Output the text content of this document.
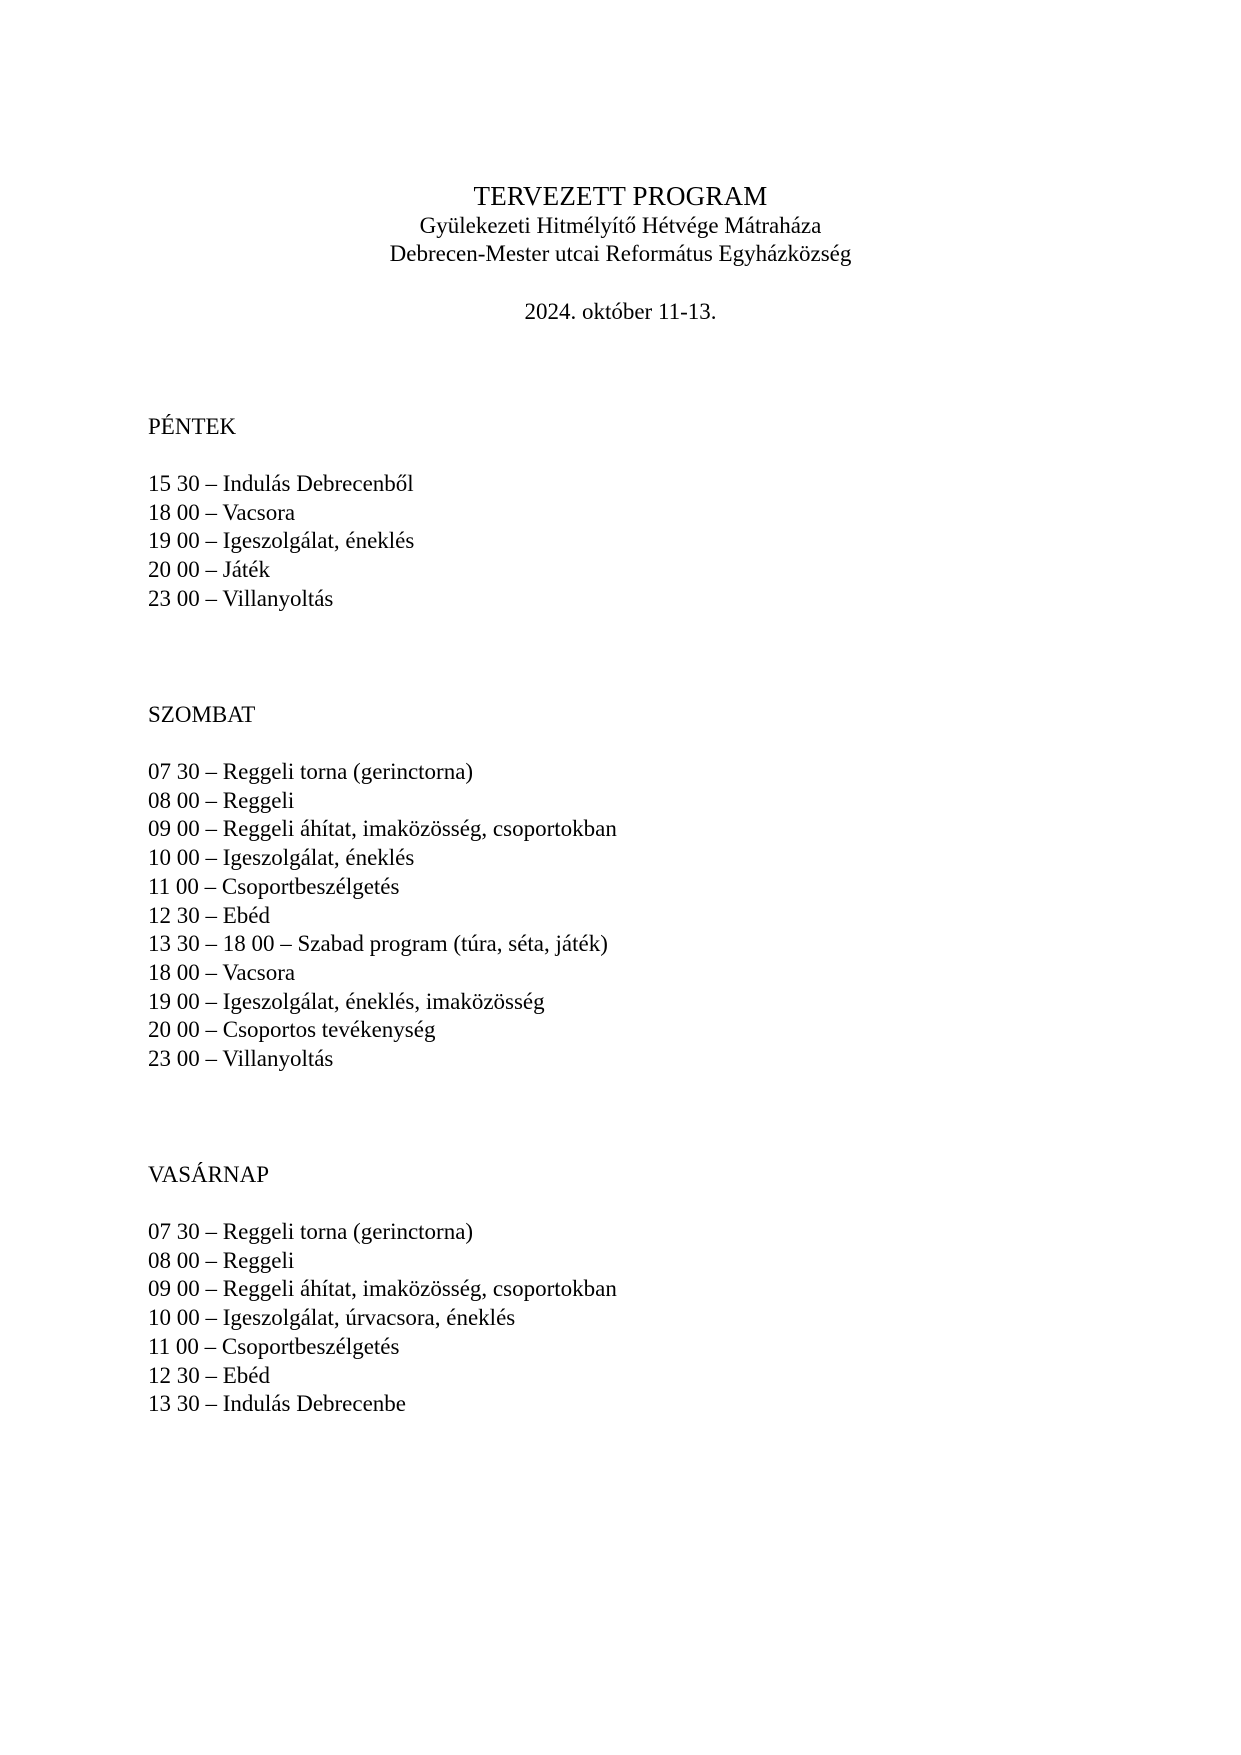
TERVEZETT PROGRAM
Gyülekezeti Hitmélyítő Hétvége Mátraháza
Debrecen-Mester utcai Református Egyházközség
2024. október 11-13.
PÉNTEK
15 30 – Indulás Debrecenből
18 00 – Vacsora
19 00 – Igeszolgálat, éneklés
20 00 – Játék
23 00 – Villanyoltás
SZOMBAT
07 30 – Reggeli torna (gerinctorna)
08 00 – Reggeli
09 00 – Reggeli áhítat, imaközösség, csoportokban
10 00 – Igeszolgálat, éneklés
11 00 – Csoportbeszélgetés
12 30 – Ebéd
13 30 – 18 00 – Szabad program (túra, séta, játék)
18 00 – Vacsora
19 00 – Igeszolgálat, éneklés, imaközösség
20 00 – Csoportos tevékenység
23 00 – Villanyoltás
VASÁRNAP
07 30 – Reggeli torna (gerinctorna)
08 00 – Reggeli
09 00 – Reggeli áhítat, imaközösség, csoportokban
10 00 – Igeszolgálat, úrvacsora, éneklés
11 00 – Csoportbeszélgetés
12 30 – Ebéd
13 30 – Indulás Debrecenbe
